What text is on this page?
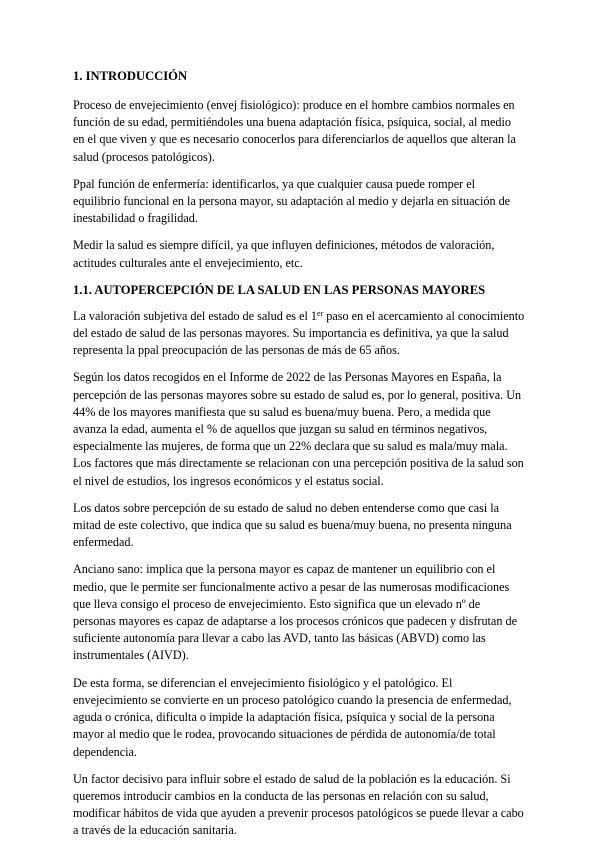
1. INTRODUCCIÓN

Proceso de envejecimiento (envej fisiológico): produce en el hombre cambios normales en función de su edad, permitiéndoles una buena adaptación física, psíquica, social, al medio en el que viven y que es necesario conocerlos para diferenciarlos de aquellos que alteran la salud (procesos patológicos).

Ppal función de enfermería: identificarlos, ya que cualquier causa puede romper el equilibrio funcional en la persona mayor, su adaptación al medio y dejarla en situación de inestabilidad o fragilidad.

Medir la salud es siempre difícil, ya que influyen definiciones, métodos de valoración, actitudes culturales ante el envejecimiento, etc.

1.1. AUTOPERCEPCIÓN DE LA SALUD EN LAS PERSONAS MAYORES

La valoración subjetiva del estado de salud es el 1er paso en el acercamiento al conocimiento del estado de salud de las personas mayores. Su importancia es definitiva, ya que la salud representa la ppal preocupación de las personas de más de 65 años.

Según los datos recogidos en el Informe de 2022 de las Personas Mayores en España, la percepción de las personas mayores sobre su estado de salud es, por lo general, positiva. Un 44% de los mayores manifiesta que su salud es buena/muy buena. Pero, a medida que avanza la edad, aumenta el % de aquellos que juzgan su salud en términos negativos, especialmente las mujeres, de forma que un 22% declara que su salud es mala/muy mala. Los factores que más directamente se relacionan con una percepción positiva de la salud son el nivel de estudios, los ingresos económicos y el estatus social.

Los datos sobre percepción de su estado de salud no deben entenderse como que casi la mitad de este colectivo, que indica que su salud es buena/muy buena, no presenta ninguna enfermedad.

Anciano sano: implica que la persona mayor es capaz de mantener un equilibrio con el medio, que le permite ser funcionalmente activo a pesar de las numerosas modificaciones que lleva consigo el proceso de envejecimiento. Esto significa que un elevado nº de personas mayores es capaz de adaptarse a los procesos crónicos que padecen y disfrutan de suficiente autonomía para llevar a cabo las AVD, tanto las básicas (ABVD) como las instrumentales (AIVD).

De esta forma, se diferencian el envejecimiento fisiológico y el patológico. El envejecimiento se convierte en un proceso patológico cuando la presencia de enfermedad, aguda o crónica, dificulta o impide la adaptación física, psíquica y social de la persona mayor al medio que le rodea, provocando situaciones de pérdida de autonomía/de total dependencia.

Un factor decisivo para influir sobre el estado de salud de la población es la educación. Si queremos introducir cambios en la conducta de las personas en relación con su salud, modificar hábitos de vida que ayuden a prevenir procesos patológicos se puede llevar a cabo a través de la educación sanitaria.
